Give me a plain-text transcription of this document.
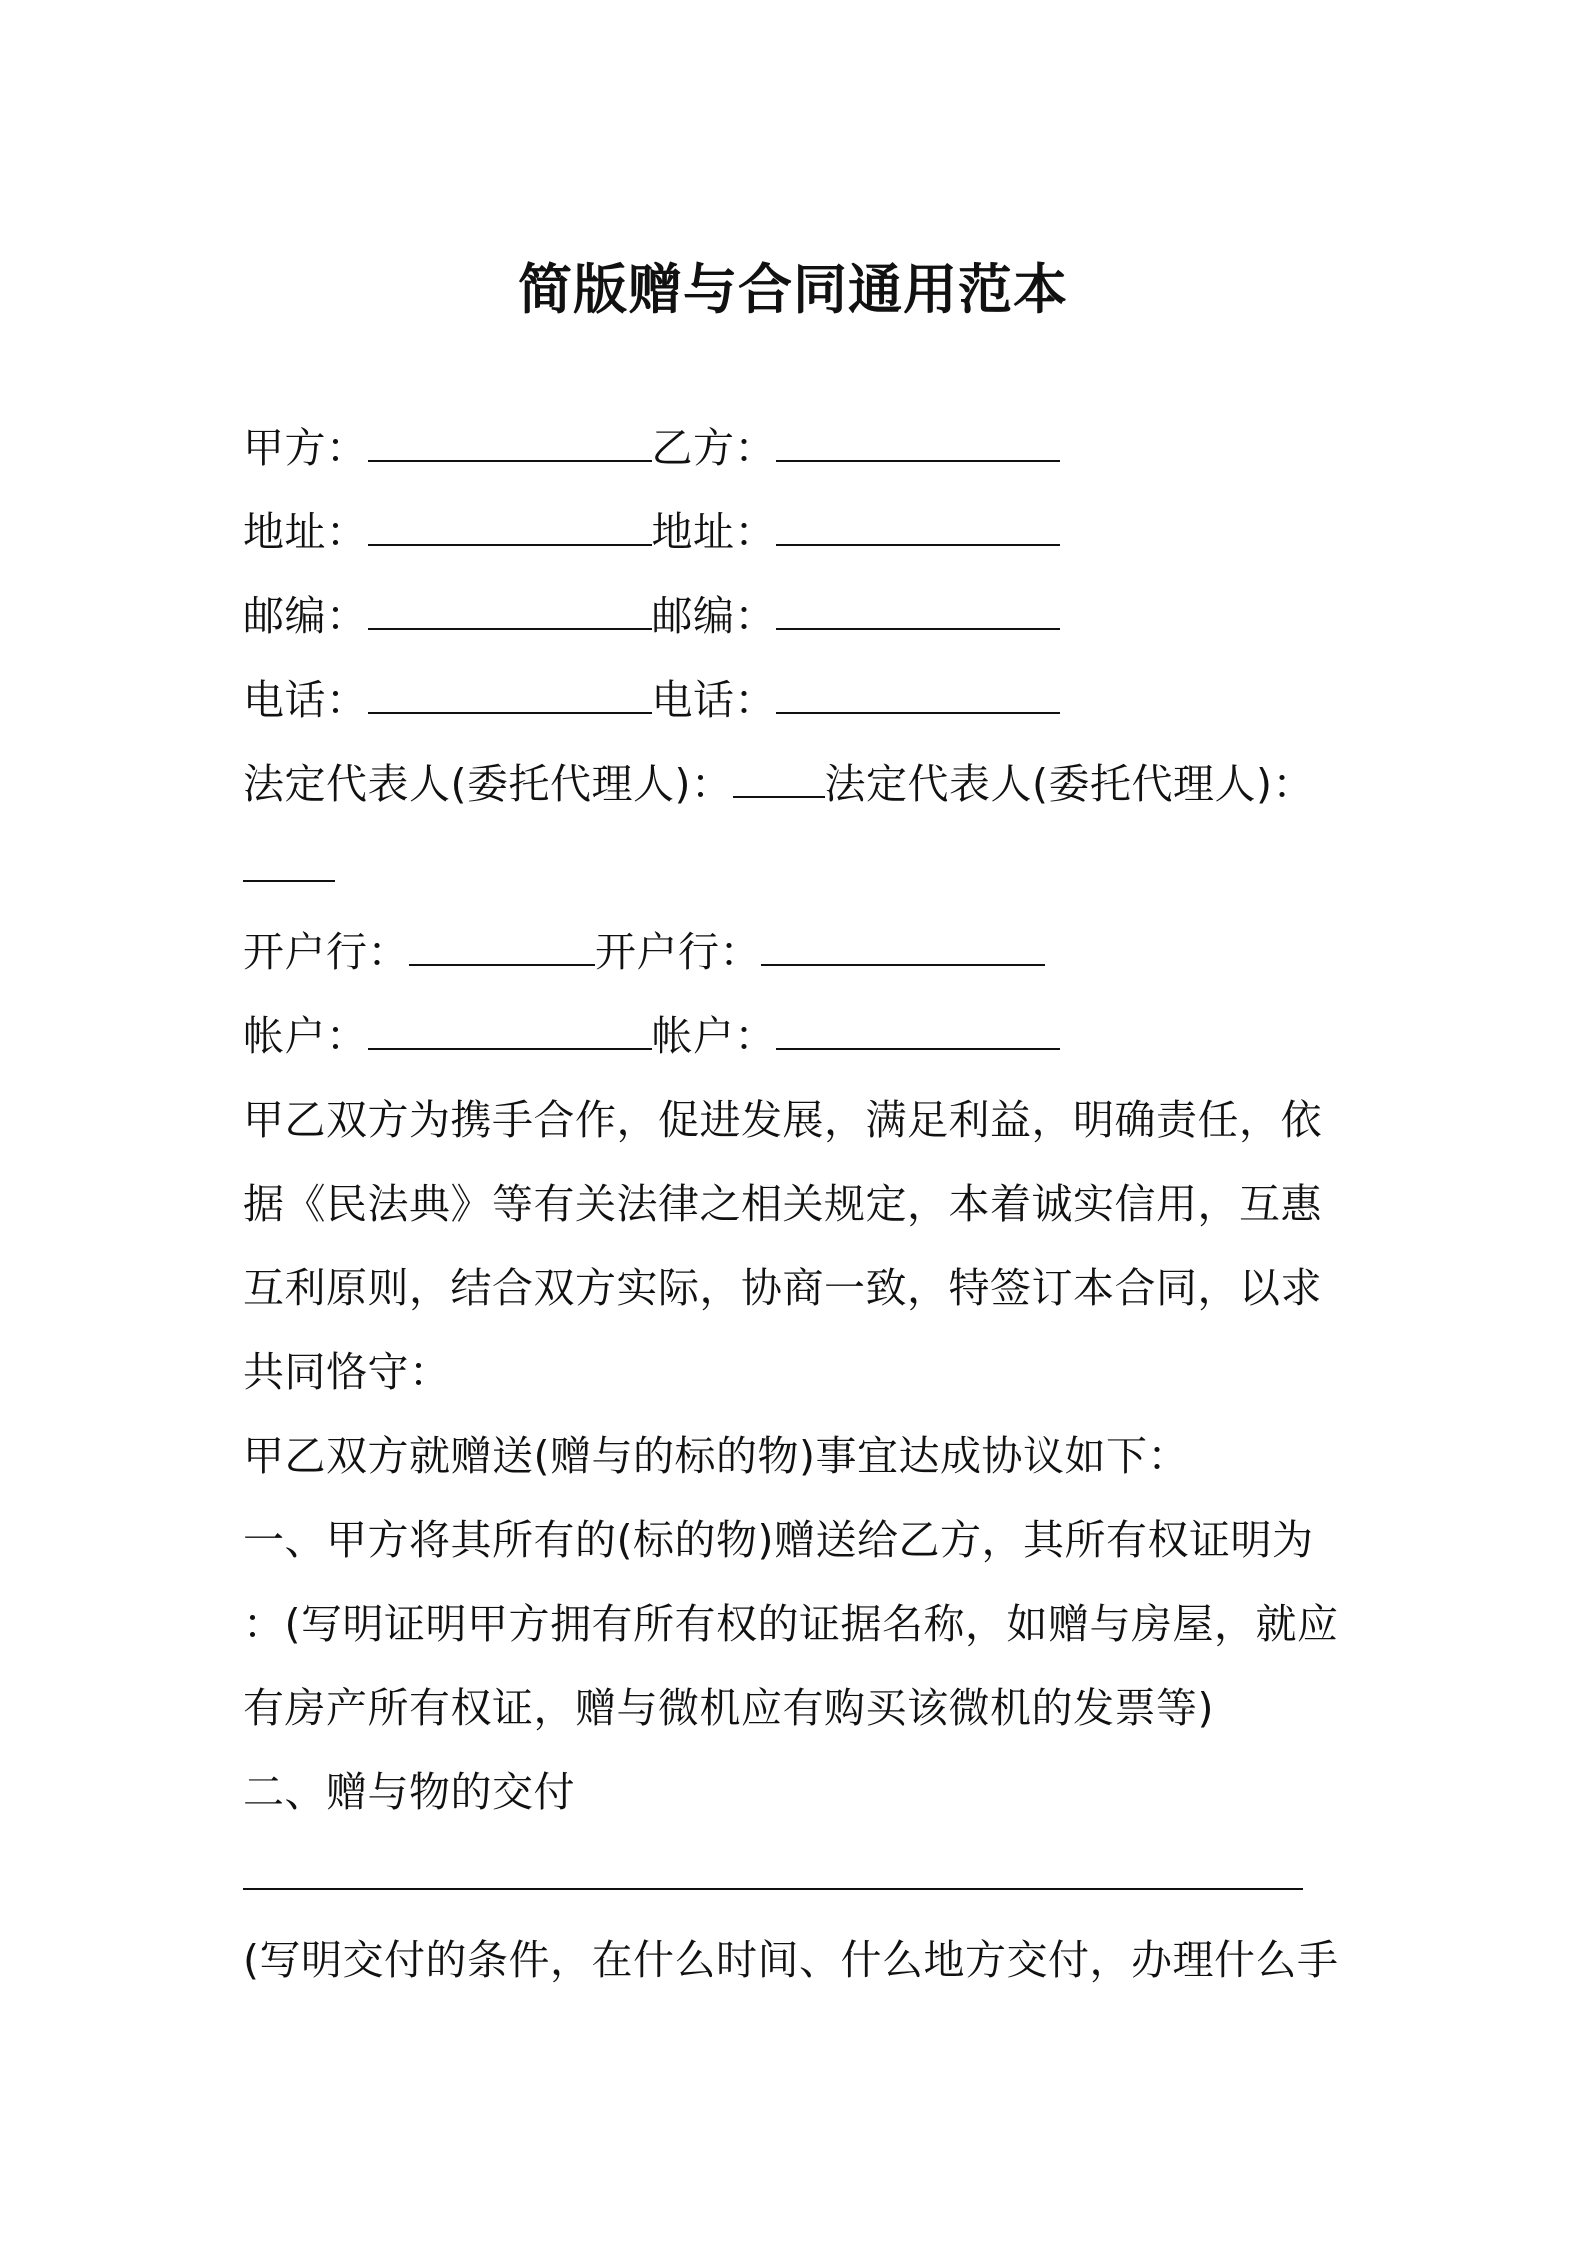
简版赠与合同通用范本
甲方：	乙方：
地址：	地址：
邮编：	邮编：
电话：	电话：
法定代表人(委托代理人)： 法定代表人(委托代理人)：
开户行：	开户行：
帐户：	帐户：
甲乙双方为携手合作，促进发展，满足利益，明确责任，依
据《民法典》等有关法律之相关规定，本着诚实信用，互惠
互利原则，结合双方实际，协商一致，特签订本合同，以求
共同恪守：
甲乙双方就赠送(赠与的标的物)事宜达成协议如下：
一、甲方将其所有的(标的物)赠送给乙方，其所有权证明为
：(写明证明甲方拥有所有权的证据名称，如赠与房屋，就应
有房产所有权证，赠与微机应有购买该微机的发票等)
二、赠与物的交付
(写明交付的条件，在什么时间、什么地方交付，办理什么手
